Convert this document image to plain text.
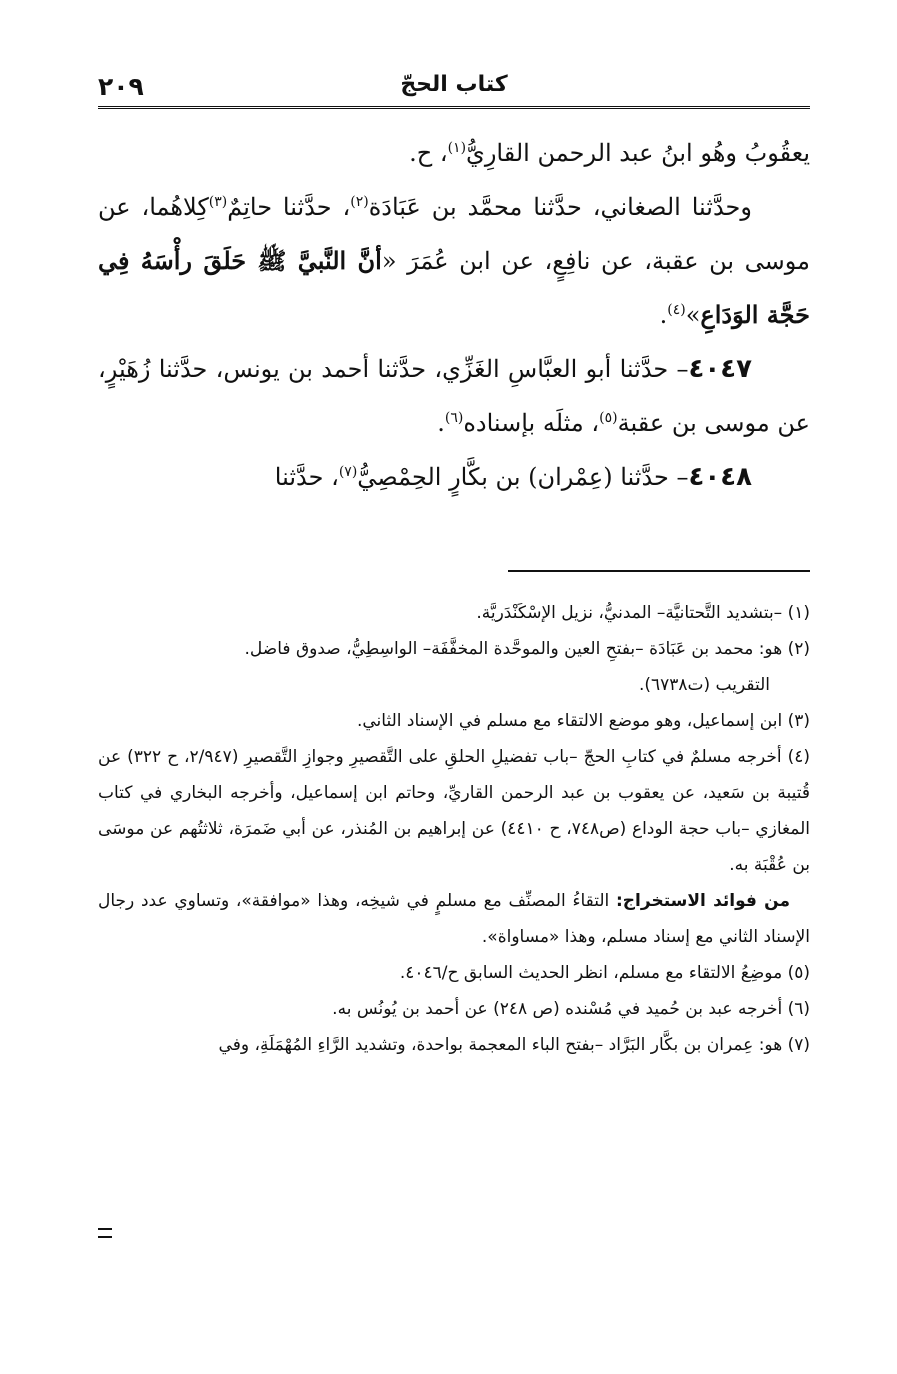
٢٠٩	كتاب الحجّ

يعقُوبُ وهُو ابنُ عبد الرحمن القارِيُّ$^{(١)}$، ح.

وحدَّثنا الصغاني، حدَّثنا محمَّد بن عَبَادَة$^{(٢)}$، حدَّثنا حاتِمٌ$^{(٣)}$كِلاهُما، عن موسى بن عقبة، عن نافِعٍ، عن ابن عُمَرَ «أنَّ النَّبيَّ ﷺ حَلَقَ رأْسَهُ فِي حَجَّة الوَدَاعِ»$^{(٤)}$.

٤٠٤٧– حدَّثنا أبو العبَّاسِ الغَزِّي، حدَّثنا أحمد بن يونس، حدَّثنا زُهَيْرٍ، عن موسى بن عقبة$^{(٥)}$، مثلَه بإسناده$^{(٦)}$.

٤٠٤٨– حدَّثنا (عِمْران) بن بكَّارٍ الحِمْصِيُّ$^{(٧)}$، حدَّثنا

(١) –بتشديد التَّحتانيَّة– المدنيُّ، نزيل الإسْكَنْدَريَّة.

(٢) هو: محمد بن عَبَادَة –بفتحِ العين والموحَّدة المخفَّفَة– الواسِطِيُّ، صدوق فاضل.

التقريب (ت٦٧٣٨).

(٣) ابن إسماعيل، وهو موضع الالتقاء مع مسلم في الإسناد الثاني.

(٤) أخرجه مسلمٌ في كتابِ الحجّ –باب تفضيلِ الحلقِ على التَّقصيرِ وجوازِ التَّقصيرِ (٢/٩٤٧، ح ٣٢٢) عن قُتيبة بن سَعيد، عن يعقوب بن عبد الرحمن القاريِّ، وحاتم ابن إسماعيل، وأخرجه البخاري في كتاب المغازي –باب حجة الوداع (ص٧٤٨، ح ٤٤١٠) عن إبراهيم بن المُنذر، عن أبي ضَمرَة، ثلاثتُهم عن موسَى بن عُقْبَة به.

من فوائد الاستخراج: التقاءُ المصنِّف مع مسلمٍ في شيخِه، وهذا «موافقة»، وتساوي عدد رجال الإسناد الثاني مع إسناد مسلم، وهذا «مساواة».

(٥) موضِعُ الالتقاء مع مسلم، انظر الحديث السابق ح/٤٠٤٦.

(٦) أخرجه عبد بن حُميد في مُسْنده (ص ٢٤٨) عن أحمد بن يُونُس به.

(٧) هو: عِمران بن بكَّار البَرَّاد –بفتح الباء المعجمة بواحدة، وتشديد الرَّاءِ المُهْمَلَةِ، وفي
